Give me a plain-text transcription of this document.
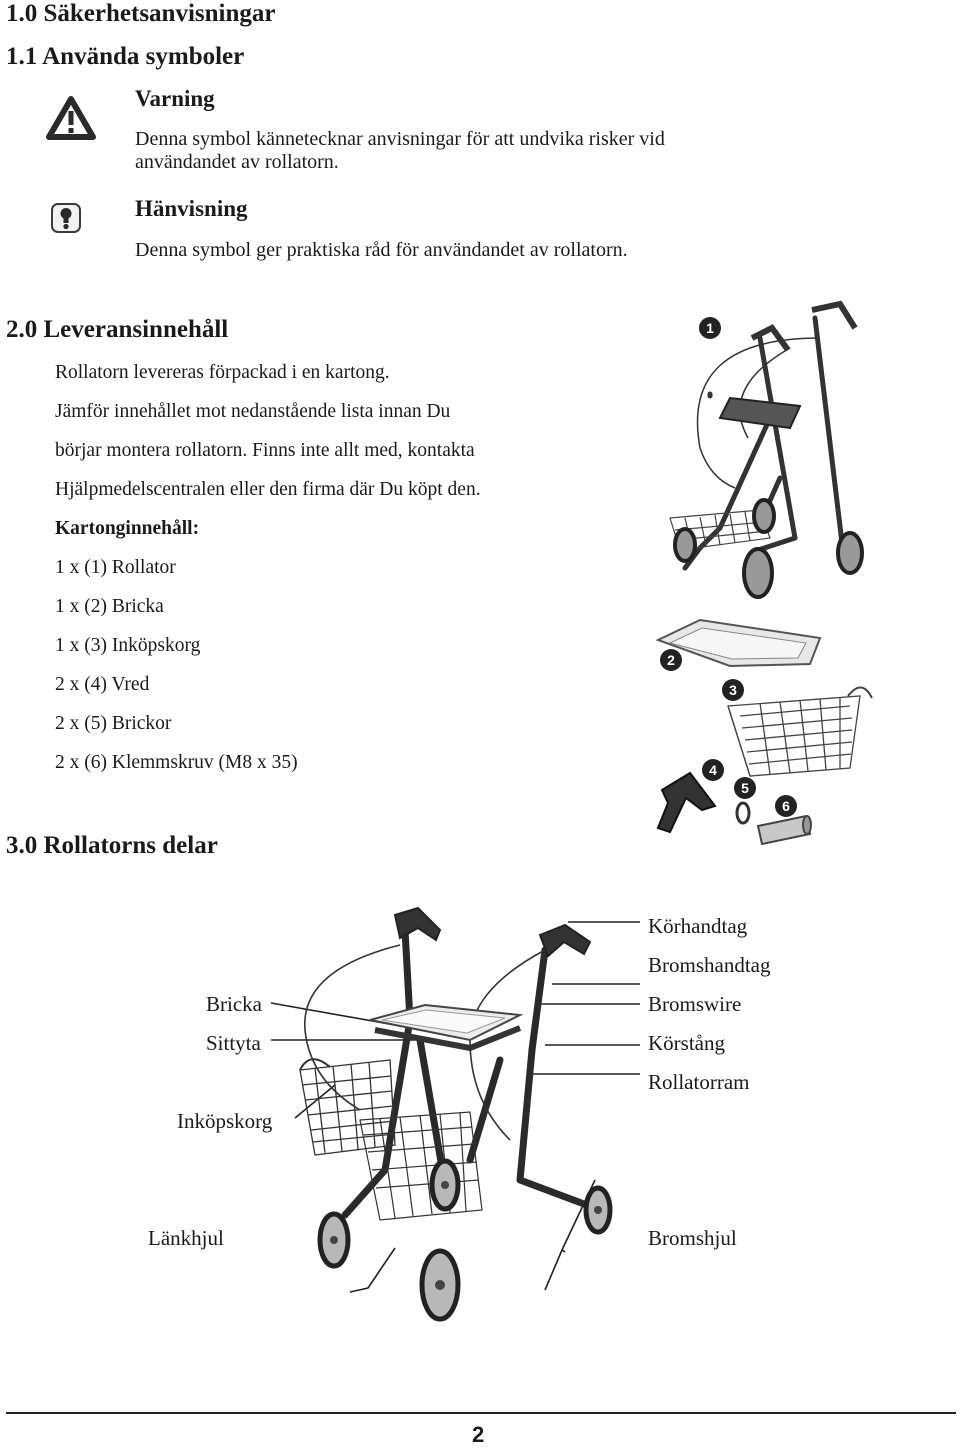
1.0 Säkerhetsanvisningar
1.1 Använda symboler
Varning
Denna symbol kännetecknar anvisningar för att undvika risker vid
användandet av rollatorn.
Hänvisning
Denna symbol ger praktiska råd för användandet av rollatorn.
2.0 Leveransinnehåll
Rollatorn levereras förpackad i en kartong.
Jämför innehållet mot nedanstående lista innan Du
börjar montera rollatorn. Finns inte allt med, kontakta
Hjälpmedelscentralen eller den firma där Du köpt den.
Kartonginnehåll:
1 x (1) Rollator
1 x (2) Bricka
1 x (3) Inköpskorg
2 x (4) Vred
2 x (5) Brickor
2 x (6) Klemmskruv (M8 x 35)
1
2
3
4
5
6
3.0 Rollatorns delar
Bricka
Sittyta
Inköpskorg
Länkhjul
Körhandtag
Bromshandtag
Bromswire
Körstång
Rollatorram
Bromshjul
2
